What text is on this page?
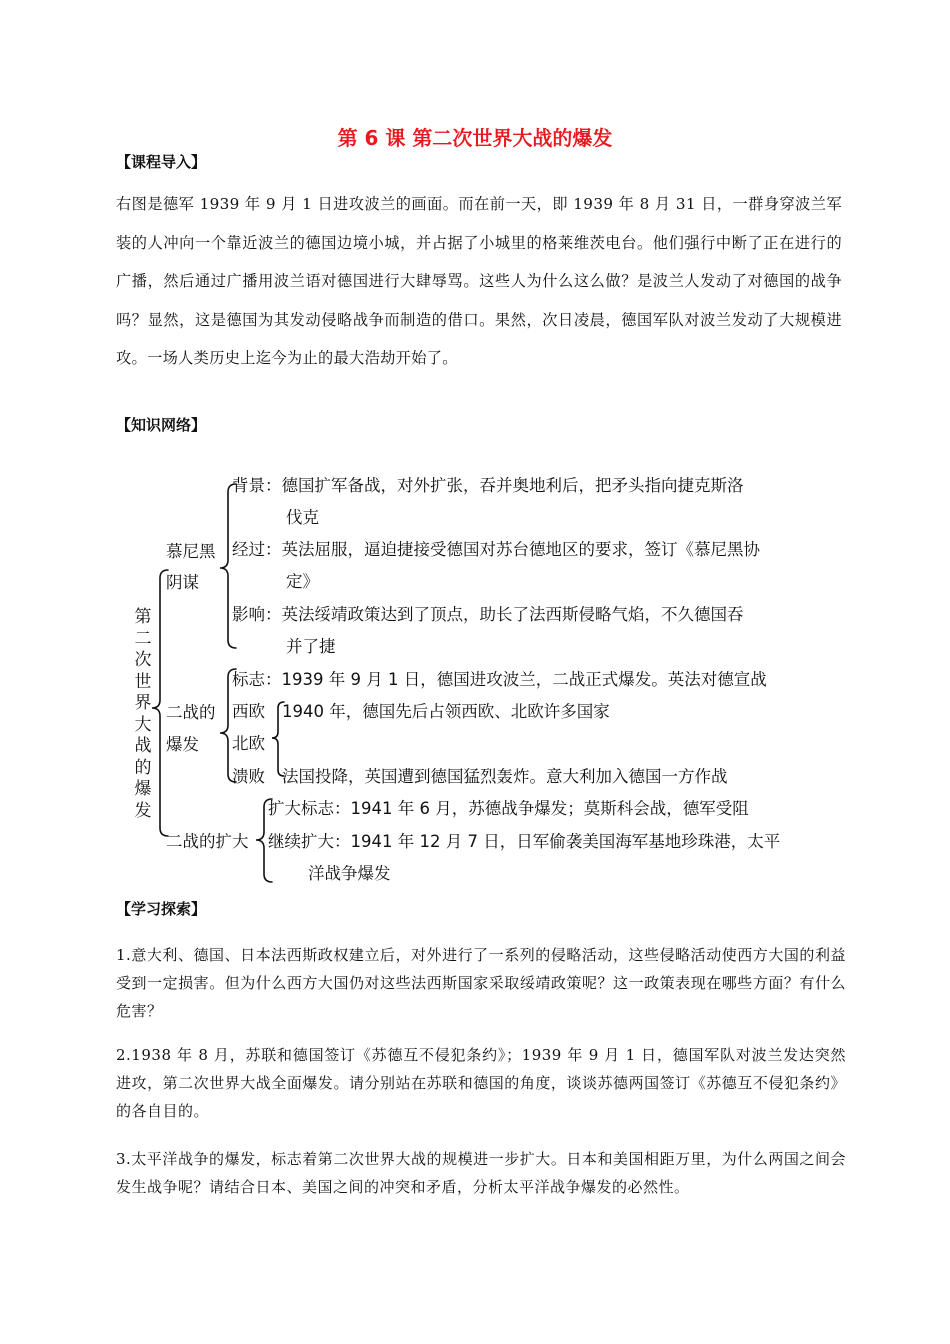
第 6 课 第二次世界大战的爆发
【课程导入】

右图是德军 1939 年 9 月 1 日进攻波兰的画面。而在前一天，即 1939 年 8 月 31 日，一群身穿波兰军装的人冲向一个靠近波兰的德国边境小城，并占据了小城里的格莱维茨电台。他们强行中断了正在进行的广播，然后通过广播用波兰语对德国进行大肆辱骂。这些人为什么这么做？是波兰人发动了对德国的战争吗？显然，这是德国为其发动侵略战争而制造的借口。果然，次日凌晨，德国军队对波兰发动了大规模进攻。一场人类历史上迄今为止的最大浩劫开始了。

【知识网络】
第二次世界大战的爆发

慕尼黑

阴谋

背景：德国扩军备战，对外扩张，吞并奥地利后，把矛头指向捷克斯洛

伐克

经过：英法屈服，逼迫捷接受德国对苏台德地区的要求，签订《慕尼黑协

定》

影响：英法绥靖政策达到了顶点，助长了法西斯侵略气焰，不久德国吞

并了捷

二战的

爆发

标志：1939 年 9 月 1 日，德国进攻波兰，二战正式爆发。英法对德宣战

西欧

北欧

溃败

1940 年，德国先后占领西欧、北欧许多国家

法国投降，英国遭到德国猛烈轰炸。意大利加入德国一方作战

二战的扩大

扩大标志：1941 年 6 月，苏德战争爆发；莫斯科会战，德军受阻

继续扩大：1941 年 12 月 7 日，日军偷袭美国海军基地珍珠港，太平

洋战争爆发

【学习探索】

1.意大利、德国、日本法西斯政权建立后，对外进行了一系列的侵略活动，这些侵略活动使西方大国的利益受到一定损害。但为什么西方大国仍对这些法西斯国家采取绥靖政策呢？这一政策表现在哪些方面？有什么危害？

2.1938 年 8 月，苏联和德国签订《苏德互不侵犯条约》；1939 年 9 月 1 日，德国军队对波兰发达突然进攻，第二次世界大战全面爆发。请分别站在苏联和德国的角度，谈谈苏德两国签订《苏德互不侵犯条约》的各自目的。

3.太平洋战争的爆发，标志着第二次世界大战的规模进一步扩大。日本和美国相距万里，为什么两国之间会发生战争呢？请结合日本、美国之间的冲突和矛盾，分析太平洋战争爆发的必然性。
